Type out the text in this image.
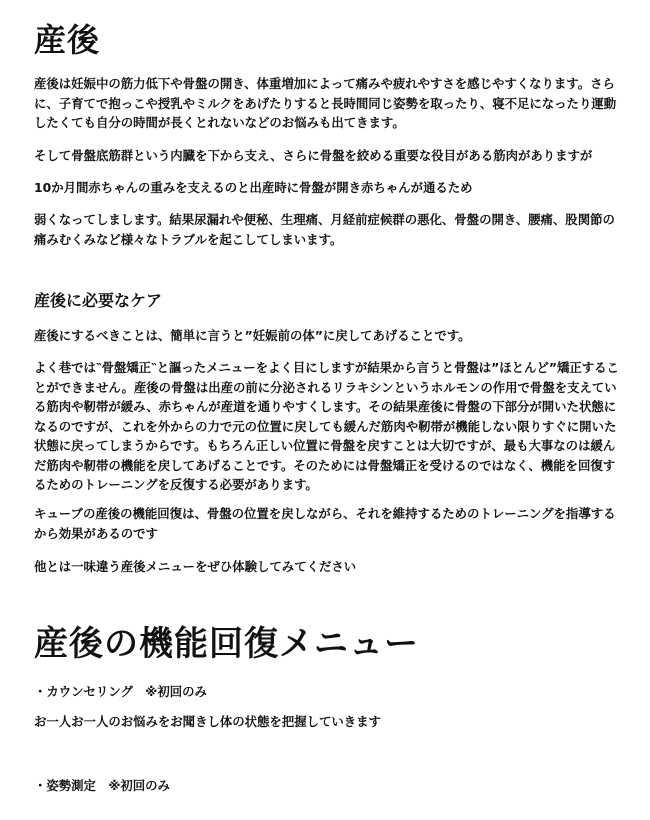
産後

産後は妊娠中の筋力低下や骨盤の開き、体重増加によって痛みや疲れやすさを感じやすくなります。さらに、子育てで抱っこや授乳やミルクをあげたりすると長時間同じ姿勢を取ったり、寝不足になったり運動したくても自分の時間が長くとれないなどのお悩みも出てきます。

そして骨盤底筋群という内臓を下から支え、さらに骨盤を絞める重要な役目がある筋肉がありますが

10か月間赤ちゃんの重みを支えるのと出産時に骨盤が開き赤ちゃんが通るため

弱くなってしまします。結果尿漏れや便秘、生理痛、月経前症候群の悪化、骨盤の開き、腰痛、股関節の痛みむくみなど様々なトラブルを起こしてしまいます。

産後に必要なケア

産後にするべきことは、簡単に言うと”妊娠前の体”に戻してあげることです。

よく巷では‶骨盤矯正‶と謳ったメニューをよく目にしますが結果から言うと骨盤は”ほとんど”矯正することができません。産後の骨盤は出産の前に分泌されるリラキシンというホルモンの作用で骨盤を支えている筋肉や靭帯が緩み、赤ちゃんが産道を通りやすくします。その結果産後に骨盤の下部分が開いた状態になるのですが、これを外からの力で元の位置に戻しても緩んだ筋肉や靭帯が機能しない限りすぐに開いた状態に戻ってしまうからです。もちろん正しい位置に骨盤を戻すことは大切ですが、最も大事なのは緩んだ筋肉や靭帯の機能を戻してあげることです。そのためには骨盤矯正を受けるのではなく、機能を回復するためのトレーニングを反復する必要があります。

キューブの産後の機能回復は、骨盤の位置を戻しながら、それを維持するためのトレーニングを指導するから効果があるのです

他とは一味違う産後メニューをぜひ体験してみてください

産後の機能回復メニュー

・カウンセリング　※初回のみ

お一人お一人のお悩みをお聞きし体の状態を把握していきます

・姿勢測定　※初回のみ
